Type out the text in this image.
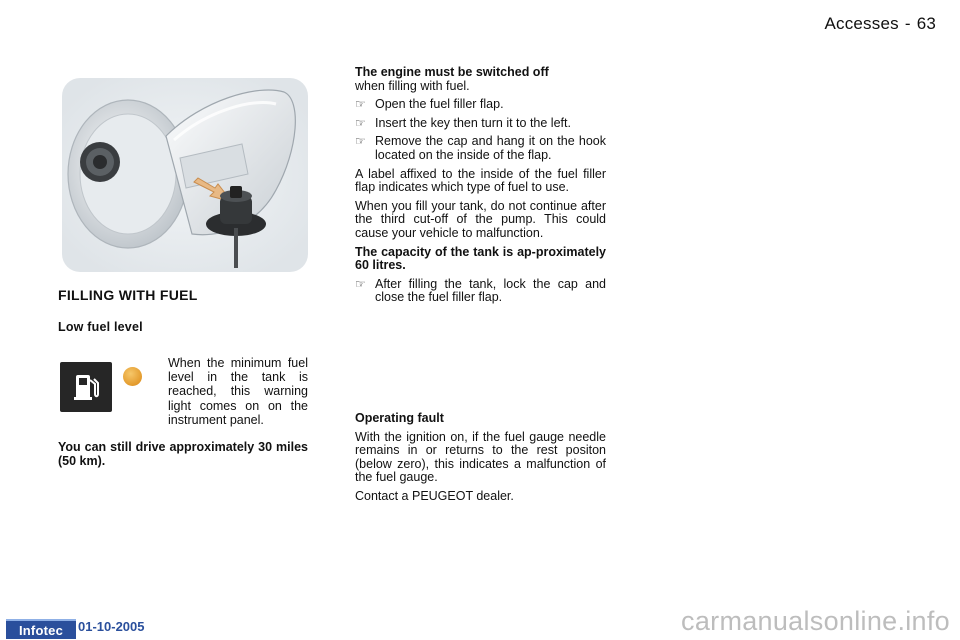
Accesses - 63
FILLING WITH FUEL
Low fuel level
When the minimum fuel level in the tank is reached, this warning light comes on on the instrument panel.
You can still drive approximately 30 miles (50 km).

The engine must be switched off
when filling with fuel.

☞ Open the fuel filler flap.
☞ Insert the key then turn it to the left.
☞ Remove the cap and hang it on the hook located on the inside of the flap.

A label affixed to the inside of the fuel filler flap indicates which type of fuel to use.

When you fill your tank, do not continue after the third cut-off of the pump. This could cause your vehicle to malfunction.

The capacity of the tank is ap-proximately 60 litres.

☞ After filling the tank, lock the cap and close the fuel filler flap.

Operating fault

With the ignition on, if the fuel gauge needle remains in or returns to the rest positon (below zero), this indicates a malfunction of the fuel gauge.

Contact a PEUGEOT dealer.

Infotec	01-10-2005	carmanualsonline.info
